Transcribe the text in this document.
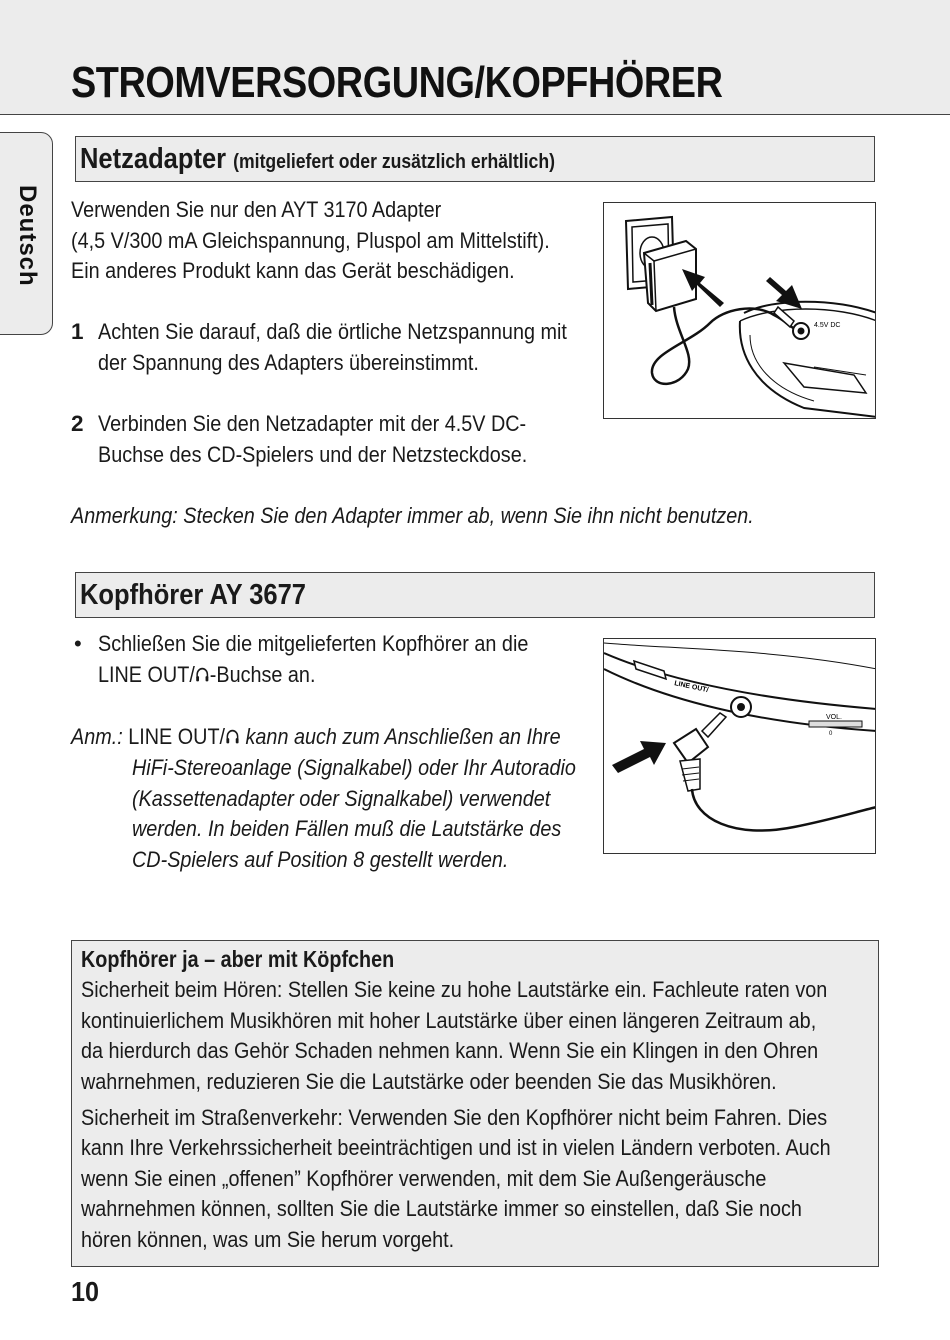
STROMVERSORGUNG/KOPFHÖRER
Deutsch
Netzadapter (mitgeliefert oder zusätzlich erhältlich)
Verwenden Sie nur den AYT 3170 Adapter
(4,5 V/300 mA Gleichspannung, Pluspol am Mittelstift).
Ein anderes Produkt kann das Gerät beschädigen.
1 Achten Sie darauf, daß die örtliche Netzspannung mit
der Spannung des Adapters übereinstimmt.
2 Verbinden Sie den Netzadapter mit der 4.5V DC-
Buchse des CD-Spielers und der Netzsteckdose.
Anmerkung: Stecken Sie den Adapter immer ab, wenn Sie ihn nicht benutzen.
4.5V DC
Kopfhörer AY 3677
• Schließen Sie die mitgelieferten Kopfhörer an die
LINE OUT/ -Buchse an.
Anm.: LINE OUT/ kann auch zum Anschließen an Ihre
HiFi-Stereoanlage (Signalkabel) oder Ihr Autoradio
(Kassettenadapter oder Signalkabel) verwendet
werden. In beiden Fällen muß die Lautstärke des
CD-Spielers auf Position 8 gestellt werden.
LINE OUT/
VOL.
0
Kopfhörer ja – aber mit Köpfchen
Sicherheit beim Hören: Stellen Sie keine zu hohe Lautstärke ein. Fachleute raten von
kontinuierlichem Musikhören mit hoher Lautstärke über einen längeren Zeitraum ab,
da hierdurch das Gehör Schaden nehmen kann. Wenn Sie ein Klingen in den Ohren
wahrnehmen, reduzieren Sie die Lautstärke oder beenden Sie das Musikhören.
Sicherheit im Straßenverkehr: Verwenden Sie den Kopfhörer nicht beim Fahren. Dies
kann Ihre Verkehrssicherheit beeinträchtigen und ist in vielen Ländern verboten. Auch
wenn Sie einen „offenen” Kopfhörer verwenden, mit dem Sie Außengeräusche
wahrnehmen können, sollten Sie die Lautstärke immer so einstellen, daß Sie noch
hören können, was um Sie herum vorgeht.
10
